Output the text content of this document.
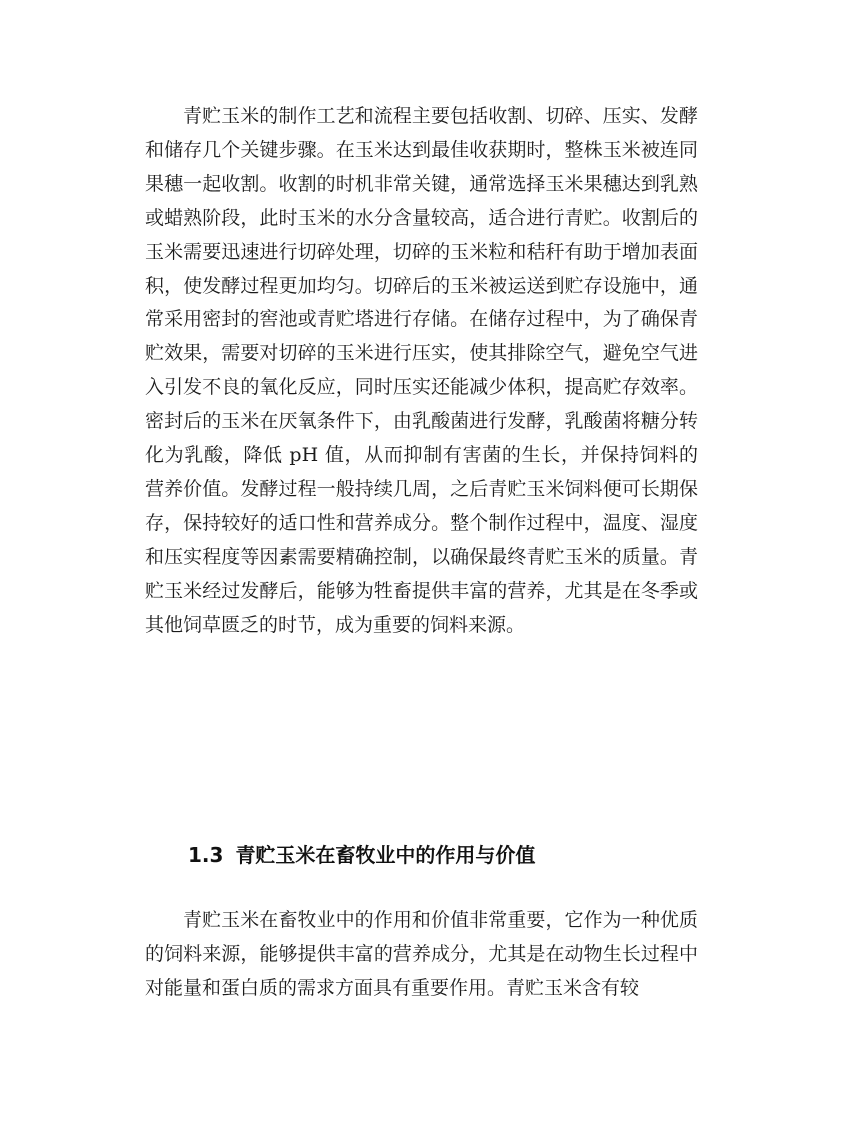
青贮玉米的制作工艺和流程主要包括收割、切碎、压实、发酵和储存几个关键步骤。在玉米达到最佳收获期时，整株玉米被连同果穗一起收割。收割的时机非常关键，通常选择玉米果穗达到乳熟或蜡熟阶段，此时玉米的水分含量较高，适合进行青贮。收割后的玉米需要迅速进行切碎处理，切碎的玉米粒和秸秆有助于增加表面积，使发酵过程更加均匀。切碎后的玉米被运送到贮存设施中，通常采用密封的窖池或青贮塔进行存储。在储存过程中，为了确保青贮效果，需要对切碎的玉米进行压实，使其排除空气，避免空气进入引发不良的氧化反应，同时压实还能减少体积，提高贮存效率。密封后的玉米在厌氧条件下，由乳酸菌进行发酵，乳酸菌将糖分转化为乳酸，降低 pH 值，从而抑制有害菌的生长，并保持饲料的营养价值。发酵过程一般持续几周，之后青贮玉米饲料便可长期保存，保持较好的适口性和营养成分。整个制作过程中，温度、湿度和压实程度等因素需要精确控制，以确保最终青贮玉米的质量。青贮玉米经过发酵后，能够为牲畜提供丰富的营养，尤其是在冬季或其他饲草匮乏的时节，成为重要的饲料来源。

1.3 青贮玉米在畜牧业中的作用与价值

青贮玉米在畜牧业中的作用和价值非常重要，它作为一种优质的饲料来源，能够提供丰富的营养成分，尤其是在动物生长过程中对能量和蛋白质的需求方面具有重要作用。青贮玉米含有较
